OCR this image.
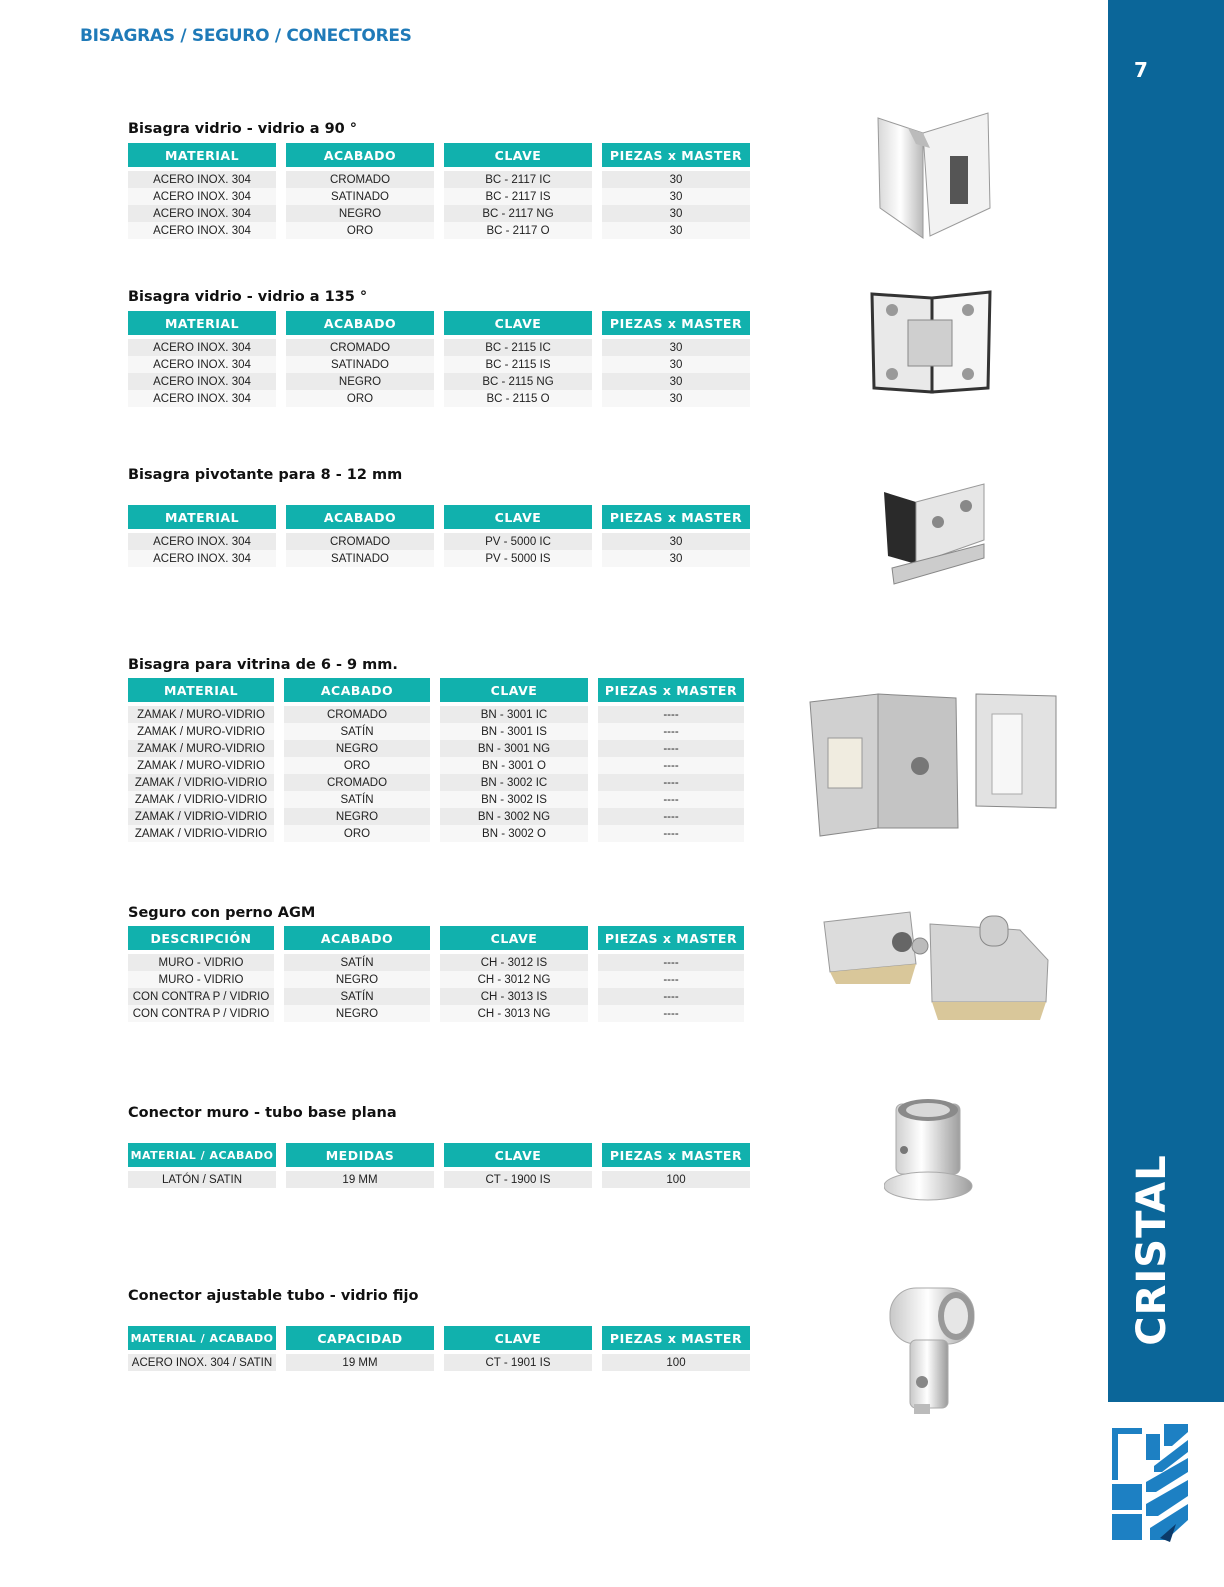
BISAGRAS / SEGURO / CONECTORES
7
CRISTAL

Bisagra vidrio - vidrio a 90 °

MATERIAL	ACABADO	CLAVE	PIEZAS x MASTER
ACERO INOX. 304	CROMADO	BC - 2117 IC	30
ACERO INOX. 304	SATINADO	BC - 2117 IS	30
ACERO INOX. 304	NEGRO	BC - 2117 NG	30
ACERO INOX. 304	ORO	BC - 2117 O	30

Bisagra vidrio - vidrio a 135 °

MATERIAL	ACABADO	CLAVE	PIEZAS x MASTER
ACERO INOX. 304	CROMADO	BC - 2115 IC	30
ACERO INOX. 304	SATINADO	BC - 2115 IS	30
ACERO INOX. 304	NEGRO	BC - 2115 NG	30
ACERO INOX. 304	ORO	BC - 2115 O	30

Bisagra pivotante para 8 - 12 mm

MATERIAL	ACABADO	CLAVE	PIEZAS x MASTER
ACERO INOX. 304	CROMADO	PV - 5000 IC	30
ACERO INOX. 304	SATINADO	PV - 5000 IS	30

Bisagra para vitrina de 6 - 9 mm.

MATERIAL	ACABADO	CLAVE	PIEZAS x MASTER
ZAMAK / MURO-VIDRIO	CROMADO	BN - 3001 IC	----
ZAMAK / MURO-VIDRIO	SATÍN	BN - 3001 IS	----
ZAMAK / MURO-VIDRIO	NEGRO	BN - 3001 NG	----
ZAMAK / MURO-VIDRIO	ORO	BN - 3001 O	----
ZAMAK / VIDRIO-VIDRIO	CROMADO	BN - 3002 IC	----
ZAMAK / VIDRIO-VIDRIO	SATÍN	BN - 3002 IS	----
ZAMAK / VIDRIO-VIDRIO	NEGRO	BN - 3002 NG	----
ZAMAK / VIDRIO-VIDRIO	ORO	BN - 3002 O	----

Seguro con perno AGM

DESCRIPCIÓN	ACABADO	CLAVE	PIEZAS x MASTER
MURO - VIDRIO	SATÍN	CH - 3012 IS	----
MURO - VIDRIO	NEGRO	CH - 3012 NG	----
CON CONTRA P / VIDRIO	SATÍN	CH - 3013 IS	----
CON CONTRA P / VIDRIO	NEGRO	CH - 3013 NG	----

Conector muro - tubo base plana

MATERIAL / ACABADO	MEDIDAS	CLAVE	PIEZAS x MASTER
LATÓN / SATIN	19 MM	CT - 1900 IS	100

Conector ajustable tubo - vidrio fijo

MATERIAL / ACABADO	CAPACIDAD	CLAVE	PIEZAS x MASTER
ACERO INOX. 304 / SATIN	19 MM	CT - 1901 IS	100
